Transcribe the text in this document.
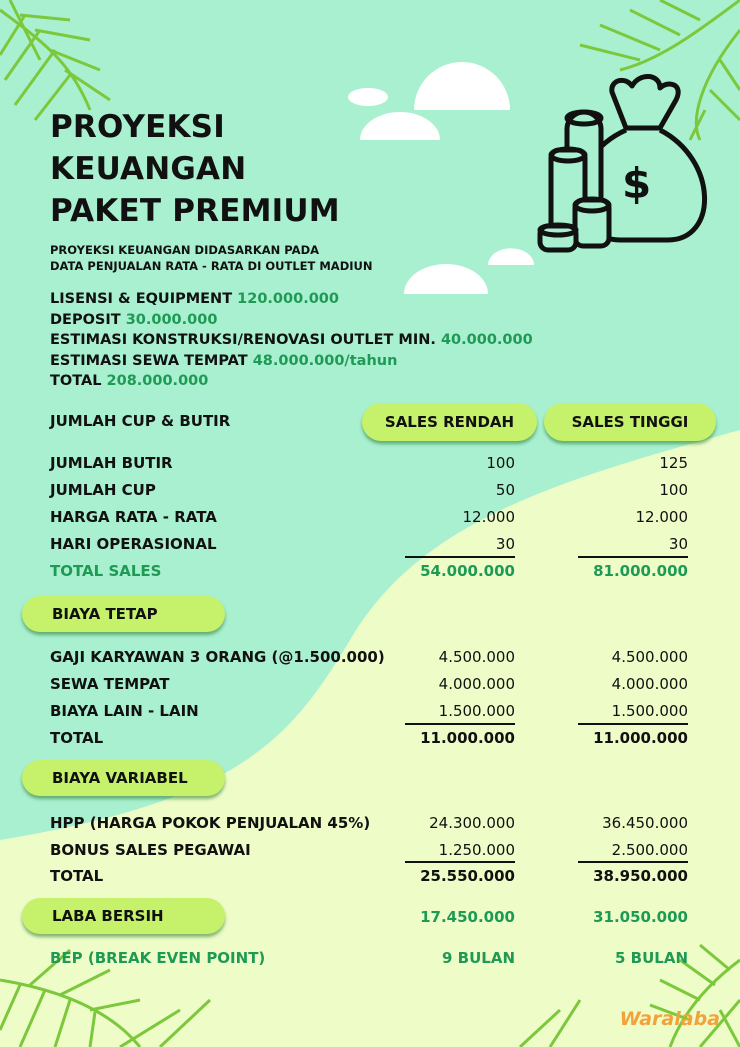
$
PROYEKSI
KEUANGAN
PAKET PREMIUM
PROYEKSI KEUANGAN DIDASARKAN PADA
DATA PENJUALAN RATA - RATA DI OUTLET MADIUN
LISENSI & EQUIPMENT 120.000.000
DEPOSIT 30.000.000
ESTIMASI KONSTRUKSI/RENOVASI OUTLET MIN. 40.000.000
ESTIMASI SEWA TEMPAT 48.000.000/tahun
TOTAL 208.000.000
JUMLAH CUP & BUTIR	SALES RENDAH	SALES TINGGI
JUMLAH BUTIR	100	125
JUMLAH CUP	50	100
HARGA RATA - RATA	12.000	12.000
HARI OPERASIONAL	30	30
TOTAL SALES	54.000.000	81.000.000
BIAYA TETAP
GAJI KARYAWAN 3 ORANG (@1.500.000)	4.500.000	4.500.000
SEWA TEMPAT	4.000.000	4.000.000
BIAYA LAIN - LAIN	1.500.000	1.500.000
TOTAL	11.000.000	11.000.000
BIAYA VARIABEL
HPP (HARGA POKOK PENJUALAN 45%)	24.300.000	36.450.000
BONUS SALES PEGAWAI	1.250.000	2.500.000
TOTAL	25.550.000	38.950.000
LABA BERSIH	17.450.000	31.050.000
BEP (BREAK EVEN POINT)	9 BULAN	5 BULAN
Waralaba
